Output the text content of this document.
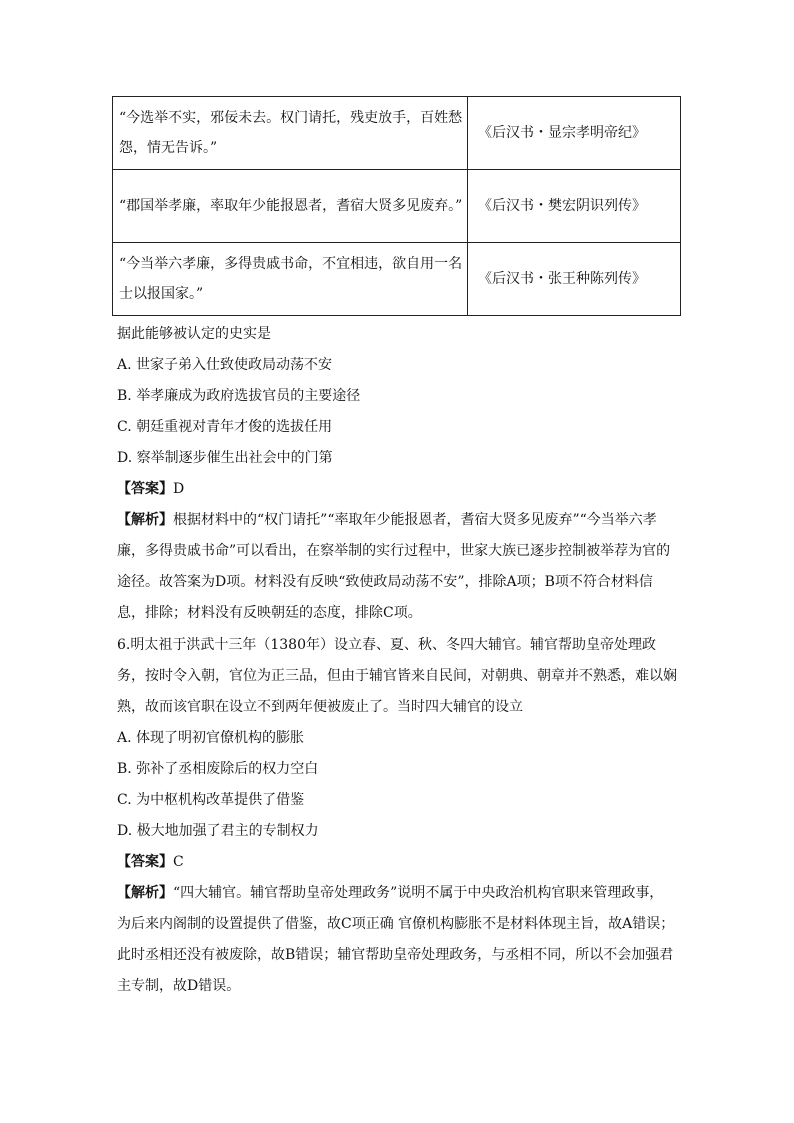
“今选举不实，邪佞未去。权门请托，残吏放手，百姓愁怨，情无告诉。”	《后汉书・显宗孝明帝纪》
“郡国举孝廉，率取年少能报恩者，耆宿大贤多见废弃。”	《后汉书・樊宏阴识列传》
“今当举六孝廉，多得贵戚书命，不宜相违，欲自用一名士以报国家。”	《后汉书・张王种陈列传》
据此能够被认定的史实是
A. 世家子弟入仕致使政局动荡不安
B. 举孝廉成为政府选拔官员的主要途径
C. 朝廷重视对青年才俊的选拔任用
D. 察举制逐步催生出社会中的门第
【答案】D
【解析】根据材料中的“权门请托”“率取年少能报恩者，耆宿大贤多见废弃”“今当举六孝廉，多得贵戚书命”可以看出，在察举制的实行过程中，世家大族已逐步控制被举荐为官的途径。故答案为D项。材料没有反映“致使政局动荡不安”，排除A项；B项不符合材料信息，排除；材料没有反映朝廷的态度，排除C项。
6.明太祖于洪武十三年（1380年）设立春、夏、秋、冬四大辅官。辅官帮助皇帝处理政务，按时令入朝，官位为正三品，但由于辅官皆来自民间，对朝典、朝章并不熟悉，难以娴熟，故而该官职在设立不到两年便被废止了。当时四大辅官的设立
A. 体现了明初官僚机构的膨胀
B. 弥补了丞相废除后的权力空白
C. 为中枢机构改革提供了借鉴
D. 极大地加强了君主的专制权力
【答案】C
【解析】“四大辅官。辅官帮助皇帝处理政务”说明不属于中央政治机构官职来管理政事，为后来内阁制的设置提供了借鉴，故C项正确 官僚机构膨胀不是材料体现主旨，故A错误；此时丞相还没有被废除，故B错误；辅官帮助皇帝处理政务，与丞相不同，所以不会加强君主专制，故D错误。
